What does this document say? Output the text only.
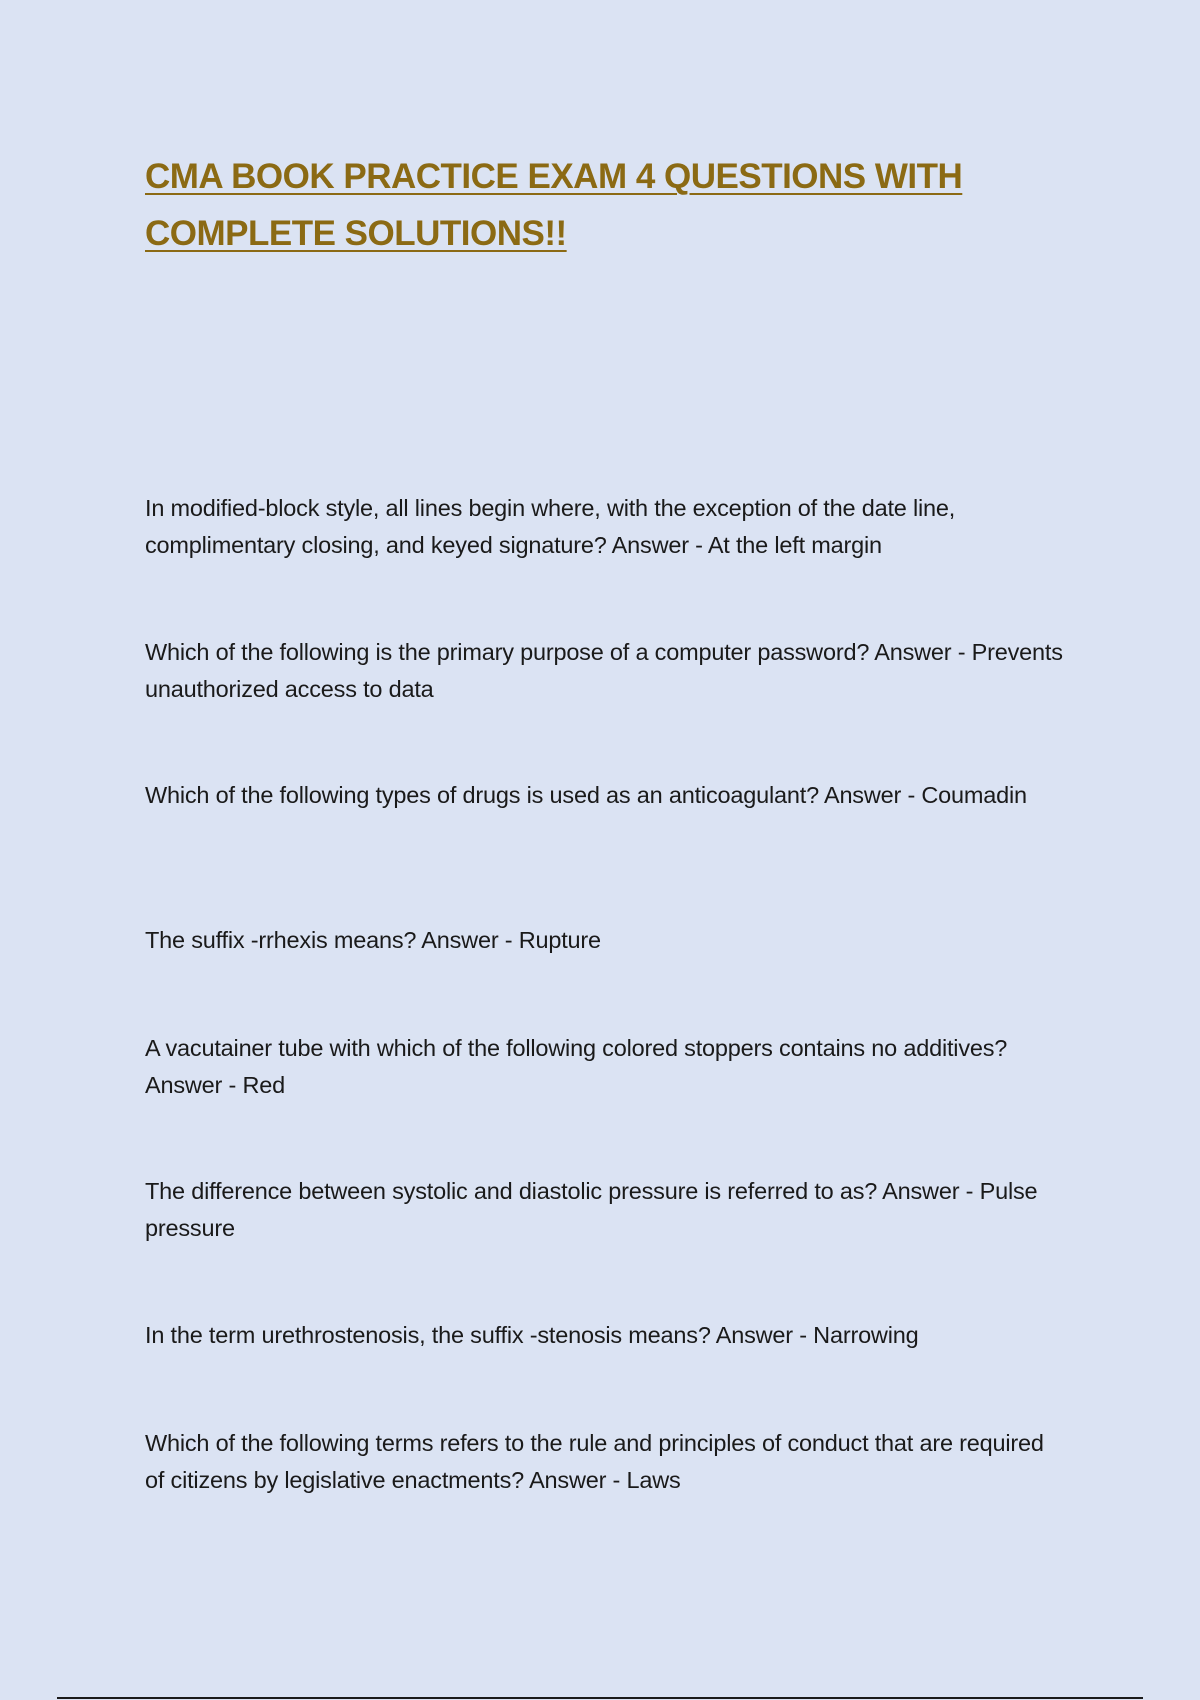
CMA BOOK PRACTICE EXAM 4 QUESTIONS WITH COMPLETE SOLUTIONS!!

In modified-block style, all lines begin where, with the exception of the date line, complimentary closing, and keyed signature? Answer - At the left margin

Which of the following is the primary purpose of a computer password? Answer - Prevents unauthorized access to data

Which of the following types of drugs is used as an anticoagulant? Answer - Coumadin

The suffix -rrhexis means? Answer - Rupture

A vacutainer tube with which of the following colored stoppers contains no additives? Answer - Red

The difference between systolic and diastolic pressure is referred to as? Answer - Pulse pressure

In the term urethrostenosis, the suffix -stenosis means? Answer - Narrowing

Which of the following terms refers to the rule and principles of conduct that are required of citizens by legislative enactments? Answer - Laws
